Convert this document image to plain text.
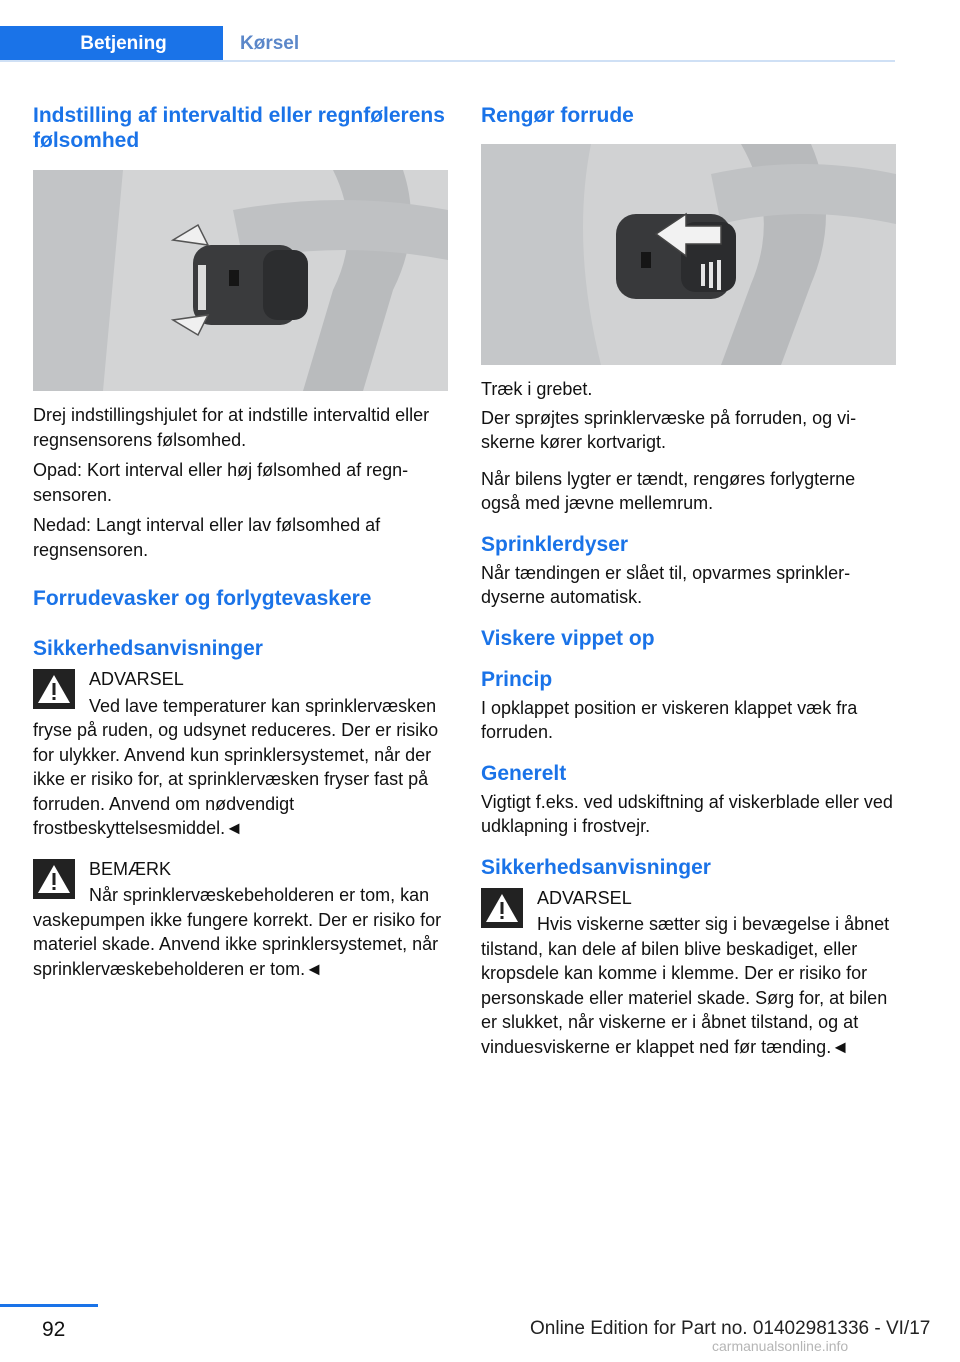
Betjening	Kørsel
Indstilling af intervaltid eller regnfølerens følsomhed

Drej indstillingshjulet for at indstille intervaltid eller regnsensorens følsomhed.

Opad: Kort interval eller høj følsomhed af regnsensoren.

Nedad: Langt interval eller lav følsomhed af regnsensoren.

Forrudevasker og forlygtevaskere
Sikkerhedsanvisninger

ADVARSEL

Ved lave temperaturer kan sprinklervæsken fryse på ruden, og udsynet reduceres. Der er risiko for ulykker. Anvend kun sprinklersystemet, når der ikke er risiko for, at sprinklervæsken fryser fast på forruden. Anvend om nødvendigt frostbeskyttelsesmiddel.◄

BEMÆRK

Når sprinklervæskebeholderen er tom, kan vaskepumpen ikke fungere korrekt. Der er risiko for materiel skade. Anvend ikke sprinklersystemet, når sprinklervæskebeholderen er tom.◄

Rengør forrude

Træk i grebet.

Der sprøjtes sprinklervæske på forruden, og viskerne kører kortvarigt.

Når bilens lygter er tændt, rengøres forlygterne også med jævne mellemrum.

Sprinklerdyser

Når tændingen er slået til, opvarmes sprinklerdyserne automatisk.

Viskere vippet op
Princip

I opklappet position er viskeren klappet væk fra forruden.

Generelt

Vigtigt f.eks. ved udskiftning af viskerblade eller ved udklapning i frostvejr.

Sikkerhedsanvisninger

ADVARSEL

Hvis viskerne sætter sig i bevægelse i åbnet tilstand, kan dele af bilen blive beskadiget, eller kropsdele kan komme i klemme. Der er risiko for personskade eller materiel skade. Sørg for, at bilen er slukket, når viskerne er i åbnet tilstand, og at vinduesviskerne er klappet ned før tænding.◄

92	Online Edition for Part no. 01402981336 - VI/17
carmanualsonline.info
